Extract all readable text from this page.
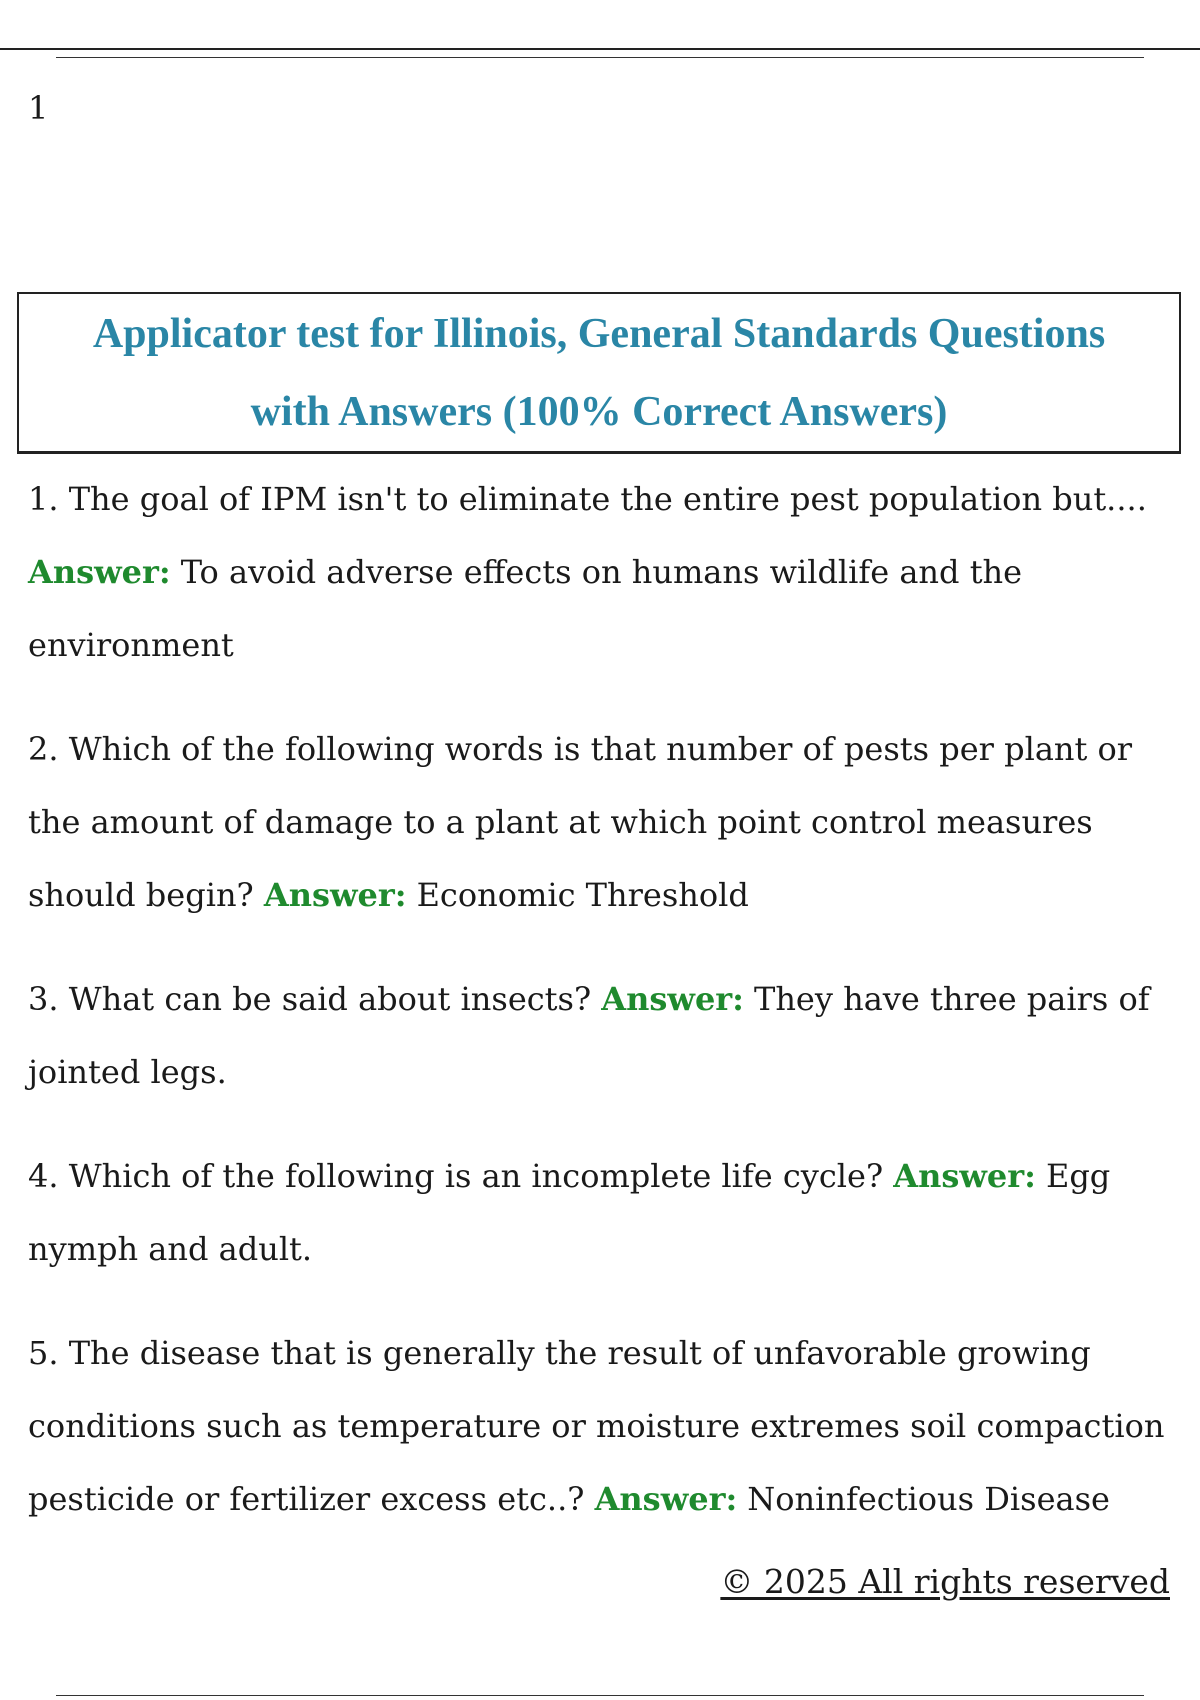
1
Applicator test for Illinois, General Standards Questions
with Answers (100% Correct Answers)

1. The goal of IPM isn't to eliminate the entire pest population but....
Answer: To avoid adverse effects on humans wildlife and the environment

2. Which of the following words is that number of pests per plant or the amount of damage to a plant at which point control measures should begin? Answer: Economic Threshold

3. What can be said about insects? Answer: They have three pairs of jointed legs.

4. Which of the following is an incomplete life cycle? Answer: Egg nymph and adult.

5. The disease that is generally the result of unfavorable growing conditions such as temperature or moisture extremes soil compaction pesticide or fertilizer excess etc..? Answer: Noninfectious Disease

© 2025 All rights reserved
